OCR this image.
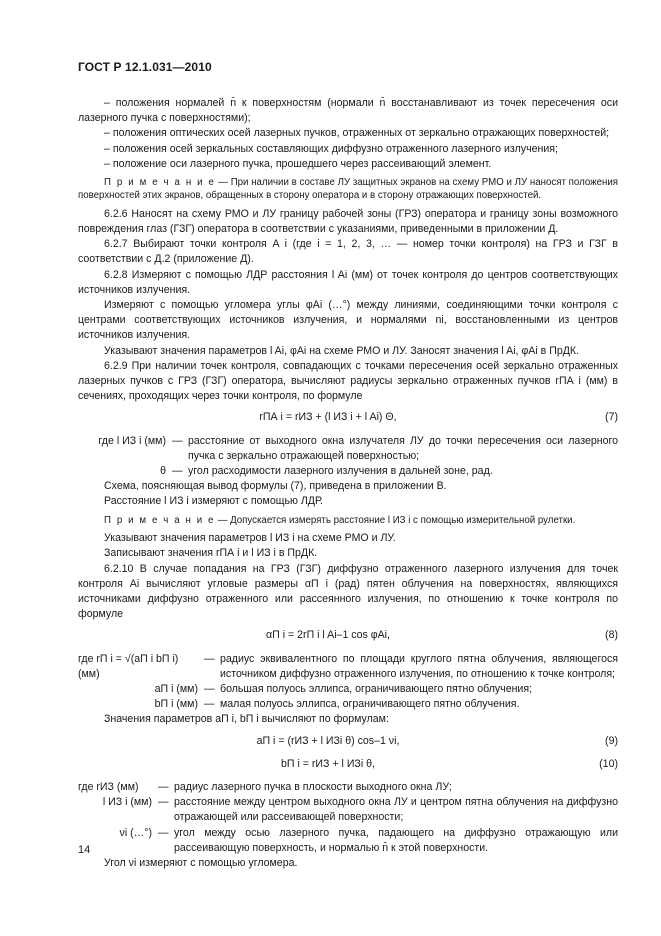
ГОСТ Р 12.1.031—2010

– положения нормалей n̄ к поверхностям (нормали n̄ восстанавливают из точек пересечения оси лазерного пучка с поверхностями);

– положения оптических осей лазерных пучков, отраженных от зеркально отражающих поверхностей;

– положения осей зеркальных составляющих диффузно отраженного лазерного излучения;

– положение оси лазерного пучка, прошедшего через рассеивающий элемент.

П р и м е ч а н и е — При наличии в составе ЛУ защитных экранов на схему РМО и ЛУ наносят положения поверхностей этих экранов, обращенных в сторону оператора и в сторону отражающих поверхностей.

6.2.6 Наносят на схему РМО и ЛУ границу рабочей зоны (ГРЗ) оператора и границу зоны возможного повреждения глаз (ГЗГ) оператора в соответствии с указаниями, приведенными в приложении Д.

6.2.7 Выбирают точки контроля A i (где i = 1, 2, 3, … — номер точки контроля) на ГРЗ и ГЗГ в соответствии с Д.2 (приложение Д).

6.2.8 Измеряют с помощью ЛДР расстояния l Ai (мм) от точек контроля до центров соответствующих источников излучения.

Измеряют с помощью угломера углы φAi (…°) между линиями, соединяющими точки контроля с центрами соответствующих источников излучения, и нормалями ni, восстановленными из центров источников излучения.

Указывают значения параметров l Ai, φAi на схеме РМО и ЛУ. Заносят значения l Ai, φAi в ПрДК.

6.2.9 При наличии точек контроля, совпадающих с точками пересечения осей зеркально отраженных лазерных пучков с ГРЗ (ГЗГ) оператора, вычисляют радиусы зеркально отраженных пучков rПА i (мм) в сечениях, проходящих через точки контроля, по формуле

rПА i = rИЗ + (l ИЗ i + l Ai) Θ,	(7)
где l ИЗ i (мм) — расстояние от выходного окна излучателя ЛУ до точки пересечения оси лазерного пучка с зеркально отражающей поверхностью;
θ — угол расходимости лазерного излучения в дальней зоне, рад.

Схема, поясняющая вывод формулы (7), приведена в приложении В.

Расстояние l ИЗ i измеряют с помощью ЛДР.

П р и м е ч а н и е — Допускается измерять расстояние l ИЗ i с помощью измерительной рулетки.

Указывают значения параметров l ИЗ i на схеме РМО и ЛУ.

Записывают значения rПА i и l ИЗ i в ПрДК.

6.2.10 В случае попадания на ГРЗ (ГЗГ) диффузно отраженного лазерного излучения для точек контроля Ai вычисляют угловые размеры αП i (рад) пятен облучения на поверхностях, являющихся источниками диффузно отраженного или рассеянного излучения, по отношению к точке контроля по формуле

αП i = 2rП i l Ai–1 cos φAi,	(8)
где rП i = √(aП i bП i) (мм)
— радиус эквивалентного по площади круглого пятна облучения, являющегося источником диффузно отраженного излучения, по отношению к точке контроля;
aП i (мм) — большая полуось эллипса, ограничивающего пятно облучения;
bП i (мм) — малая полуось эллипса, ограничивающего пятно облучения.

Значения параметров aП i, bП i вычисляют по формулам:

aП i = (rИЗ + l ИЗi θ) cos–1 νi,	(9)
bП i = rИЗ + l ИЗi θ,	(10)
где rИЗ (мм)	— радиус лазерного пучка в плоскости выходного окна ЛУ;
l ИЗ i (мм) — расстояние между центром выходного окна ЛУ и центром пятна облучения на диффузно отражающей или рассеивающей поверхности;
νi (…°) — угол между осью лазерного пучка, падающего на диффузно отражающую или рассеивающую поверхность, и нормалью n̄ к этой поверхности.

Угол νi измеряют с помощью угломера.

14
